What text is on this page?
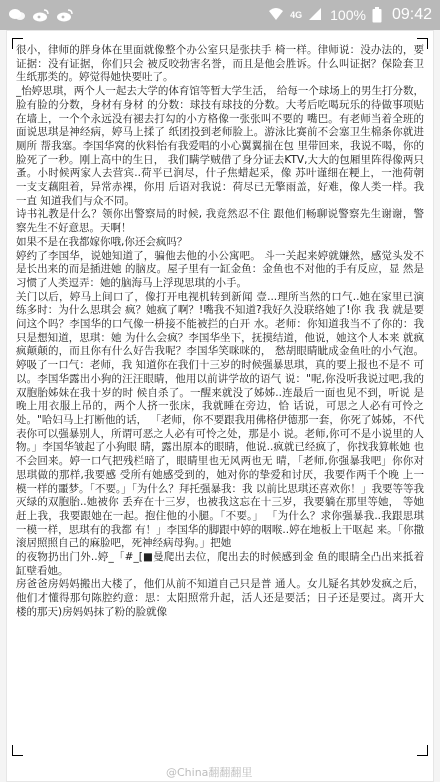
4G 100% 09:42

很小，律师的胖身体在里面就像整个办公室只是张扶手 椅一样。律师说：没办法的，要证据：没有证据，你们只会 被反咬勃害名誉，而且是他会胜诉。什么叫证据？保险套卫 生纸那类的。婷觉得她快要吐了。

_怡婷思琪，两个人一起去大学的体育馆等暂大学生活， 给每一个球场上的男生打分数，脸有脸的分数，身材有身材 的分数：球技有球技的分数。大考后吃喝玩乐的待做事项贴 在墙上，一个个永远没有褪去打勾的小方格像一张张叫不要的 嘴巴。有老师当着全班的面说思琪是神经病，婷马上揉了 纸团投到老师脸上。游泳比赛前不会塞卫生棉条你就进厕所 帮我塞。李国华窝的伙料怡有我爱唱的小心翼翼揣在包 里带回来，我说不喝，你的脸死了一秒。刚上高中的生日， 我们瞒学贼借了身分证去KTV,大大的包厢里阵得像两只 蚤。小时候两家人去营宾..荷平已润尽，什子焦蜡起采，像 苏叶谨细在粳上，一池荷朝一支支藕阻着，异常赤裸，你用 后语对我说：荷尽已无擎雨盖，好难，像人类一样。我一直 知道我们与众不同。

诗书礼教是什么？领你出警察局的时候, 我竟然忍不住 跟他们畅聊说警察先生谢谢，警察先生不好意思。天啊！

如果不是在我都嫁你哦,你还会疯吗？

婷约了李国华，说她知道了，骗他去他的小公寓吧。 斗一关起来婷就嫌然，感觉头发不是长出来的而是插进她 的脑皮。屋子里有一缸金鱼：金鱼也不对他的手有反应，显 然是习惯了人类逗弄：她的脑海马上浮现思琪的小手。

关门以后，婷马上间口了，像打开电视机转到新闻 壹...理所当然的口气..她在家里已演练多时：为什么思琪会 疯？她疯了啊？!嘴我不知道?我好久没联络她了!你 我 我 就是要问这个吗？李国华的口气像一枡接不能被拦的白开 水。老师：你知道我当不了你的：我只是想知道，思琪：她 为什么会疯？李国华坐下，抚摸结道，他说，她这个人本来 就疯疯颠颠的，而且你有什么好告我呢？李国华笑咪咪的， 愁胡眼睛眦成金鱼吐的小气泡。婷吸了一口气：老师，我 知道你在我们十三岁的时候强暴思琪，真的要上报也不是不 可以。李国华露出小狗的汪汪眼睛，他用以前讲学故的语气 说："呢,你没听我说过吧,我的双胞胎姊妹在我十岁的时 候自杀了。一醒来就没了姊姊..连最后一面也见不到，听说 是晚上用衣服上吊的，两个人挤一张床，我就睡在旁边，恰 话说，可思之人必有可怜之处。"哈妇马上打断他的话， 「老师，你不要跟我用佛格伊德那一套，你死了姊姊，不代 表你可以强暴别人，所谓可恶之人必有可怜之处，那是小 说。老师,你可不是小说里的人物。」李国华皱起了小狗眼 睛，露出原本的眼睛，他说..疯就已经疯了，你找我算帐她 也不会回来。婷一口气把残栏暗了，眼睛里也无风两也无 晴，「老师,你强暴我吧」你你对思琪做的那样,我要感 受所有她感受到的，她对你的挚爱和讨厌，我要作两千个晚 上一模一样的噩梦。「不要。」「为什么？拜托强暴我：我 以前比思琪还喜欢你！」我要等等我灭绿的双胞胎..她被你 丢弃在十三岁，也被我这忘在十三岁，我要躺在那里等她， 等她赶上我，我要跟她在一起。抱住他的小腿。「不要。」 「为什么？求你强暴我..我跟思琪一模一样，思琪有的我都 有！」李国华的脚跟中婷的咽喉..婷在地板上干呕起 来。「你撒滚居照照自己的麻脸吧，死神经病母狗。」把她

的夜物扔出门外..婷_「#_[■曼爬出去位，爬出去的时候感到金 鱼的眼睛全凸出来抵着缸壁看她。

房爸爸房妈妈搬出大楼了，他们从前不知道自己只是普 通人。女儿疑名其妙发疯之后，他们才懂得那句陈腔约意：思：太阳照常升起，活人还是要活；日子还是要过。离开大 楼的那天)房妈妈抹了粉的脸就像

@China翻翻翻里
